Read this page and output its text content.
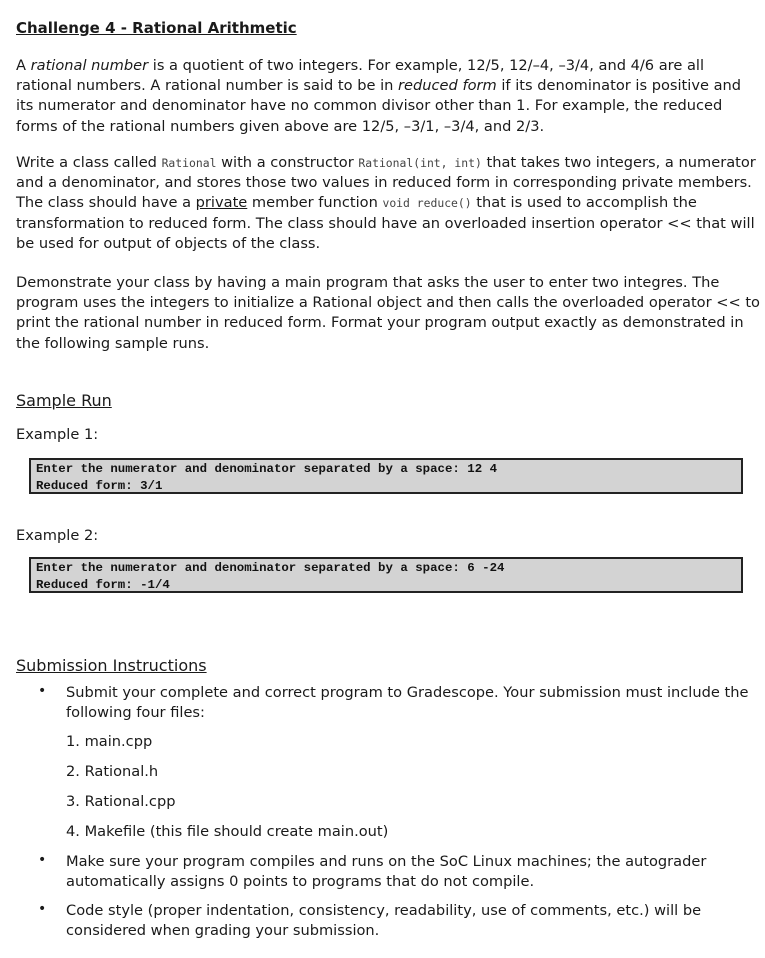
Challenge 4 - Rational Arithmetic

A rational number is a quotient of two integers. For example, 12/5, 12/–4, –3/4, and 4/6 are all rational numbers. A rational number is said to be in reduced form if its denominator is positive and its numerator and denominator have no common divisor other than 1. For example, the reduced forms of the rational numbers given above are 12/5, –3/1, –3/4, and 2/3.

Write a class called Rational with a constructor Rational(int, int) that takes two integers, a numerator and a denominator, and stores those two values in reduced form in corresponding private members. The class should have a private member function void reduce() that is used to accomplish the transformation to reduced form. The class should have an overloaded insertion operator << that will be used for output of objects of the class.

Demonstrate your class by having a main program that asks the user to enter two integres. The program uses the integers to initialize a Rational object and then calls the overloaded operator << to print the rational number in reduced form. Format your program output exactly as demonstrated in the following sample runs.

Sample Run
Example 1:
Enter the numerator and denominator separated by a space: 12 4
Reduced form: 3/1
Example 2:
Enter the numerator and denominator separated by a space: 6 -24
Reduced form: -1/4
Submission Instructions
• Submit your complete and correct program to Gradescope. Your submission must include the following four files:

1. main.cpp
2. Rational.h
3. Rational.cpp
4. Makefile (this file should create main.out)
• Make sure your program compiles and runs on the SoC Linux machines; the autograder automatically assigns 0 points to programs that do not compile.

• Code style (proper indentation, consistency, readability, use of comments, etc.) will be considered when grading your submission.
